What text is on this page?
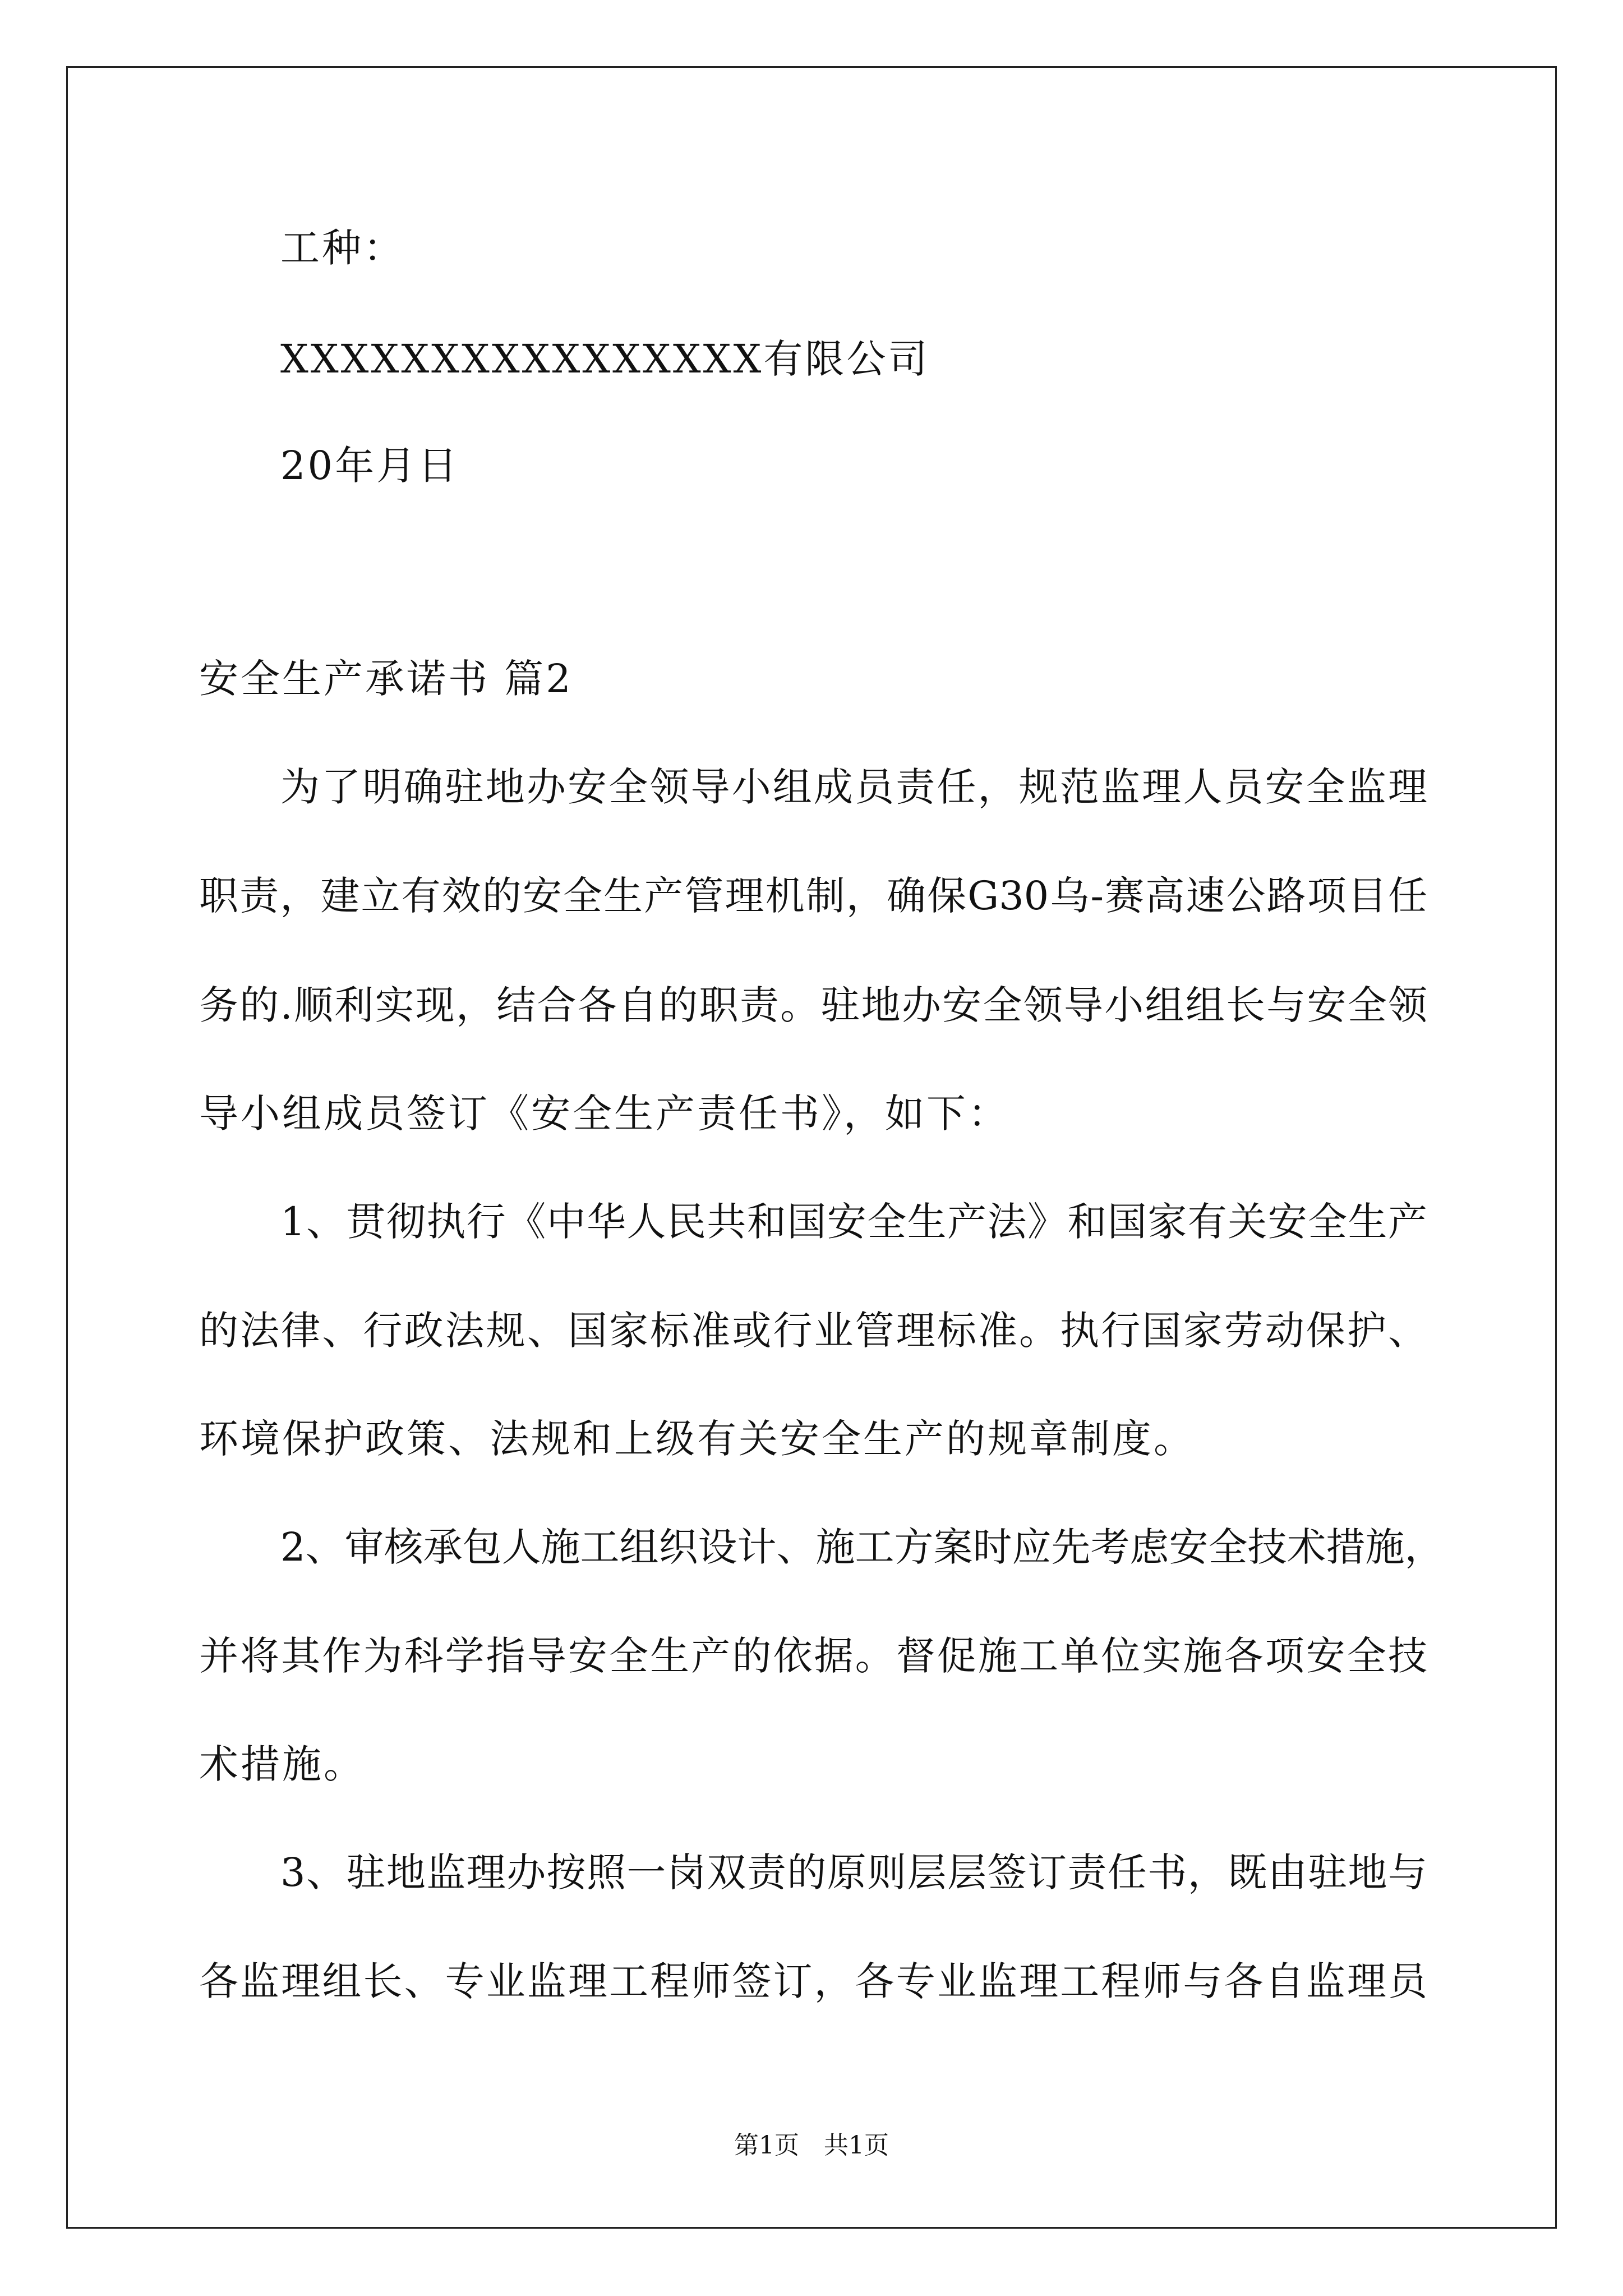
工种：
XXXXXXXXXXXXXXXX有限公司
20年月日
安全生产承诺书 篇2
为了明确驻地办安全领导小组成员责任，规范监理人员安全监理
职责，建立有效的安全生产管理机制，确保G30乌-赛高速公路项目任
务的.顺利实现，结合各自的职责。驻地办安全领导小组组长与安全领
导小组成员签订《安全生产责任书》，如下：
1、贯彻执行《中华人民共和国安全生产法》和国家有关安全生产
的法律、行政法规、国家标准或行业管理标准。执行国家劳动保护、
环境保护政策、法规和上级有关安全生产的规章制度。
2、审核承包人施工组织设计、施工方案时应先考虑安全技术措施，
并将其作为科学指导安全生产的依据。督促施工单位实施各项安全技
术措施。
3、驻地监理办按照一岗双责的原则层层签订责任书，既由驻地与
各监理组长、专业监理工程师签订，各专业监理工程师与各自监理员
第1页　共1页
